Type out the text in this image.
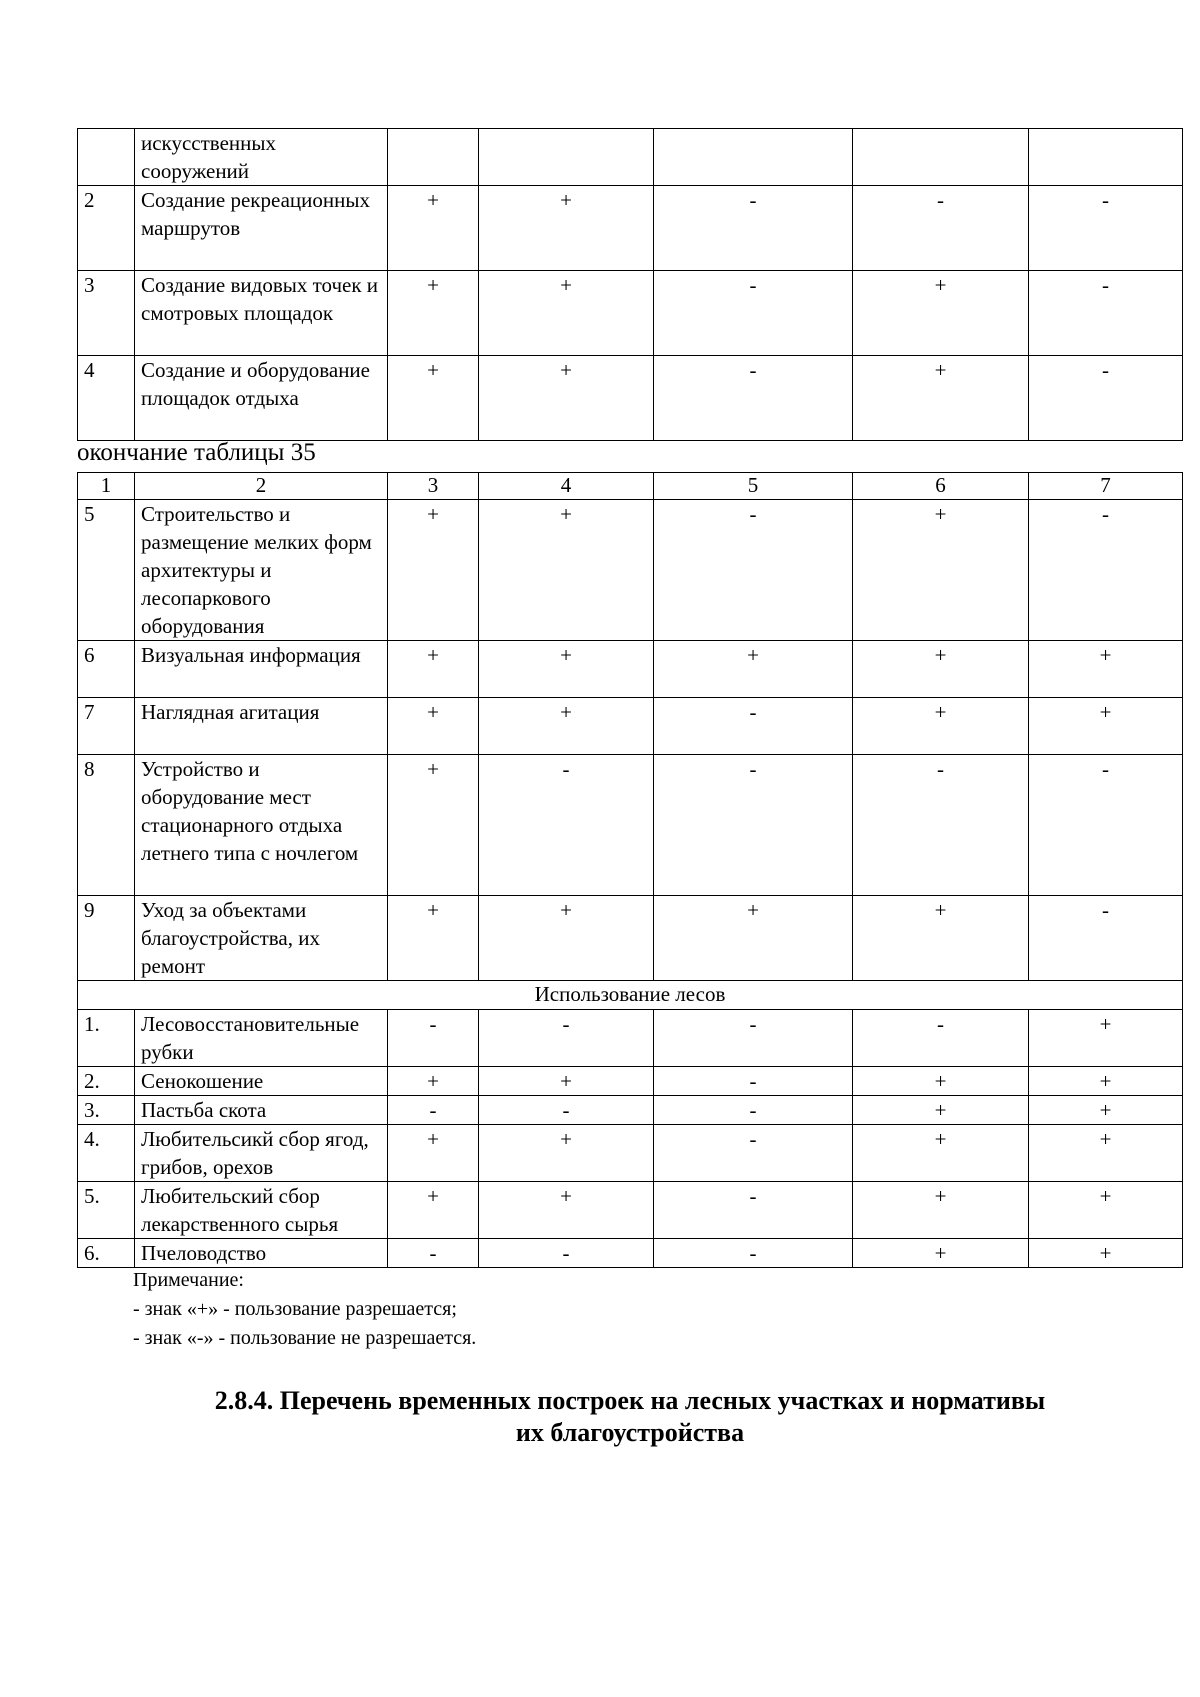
	искусственных сооружений					
2	Создание рекреационных маршрутов	+	+	-	-	-
3	Создание видовых точек и смотровых площадок	+	+	-	+	-
4	Создание и оборудование площадок отдыха	+	+	-	+	-
окончание таблицы 35
1	2	3	4	5	6	7
5	Строительство и размещение мелких форм архитектуры и лесопаркового оборудования	+	+	-	+	-
6	Визуальная информация	+	+	+	+	+
7	Наглядная агитация	+	+	-	+	+
8	Устройство и оборудование мест стационарного отдыха летнего типа с ночлегом	+	-	-	-	-
9	Уход за объектами благоустройства, их ремонт	+	+	+	+	-
Использование лесов						
1.	Лесовосстановительные рубки	-	-	-	-	+
2.	Сенокошение	+	+	-	+	+
3.	Пастьба скота	-	-	-	+	+
4.	Любительсикй сбор ягод, грибов, орехов	+	+	-	+	+
5.	Любительский сбор лекарственного сырья	+	+	-	+	+
6.	Пчеловодство	-	-	-	+	+
Примечание:
- знак «+» - пользование разрешается;
- знак «-» - пользование не разрешается.
2.8.4. Перечень временных построек на лесных участках и нормативы
их благоустройства
